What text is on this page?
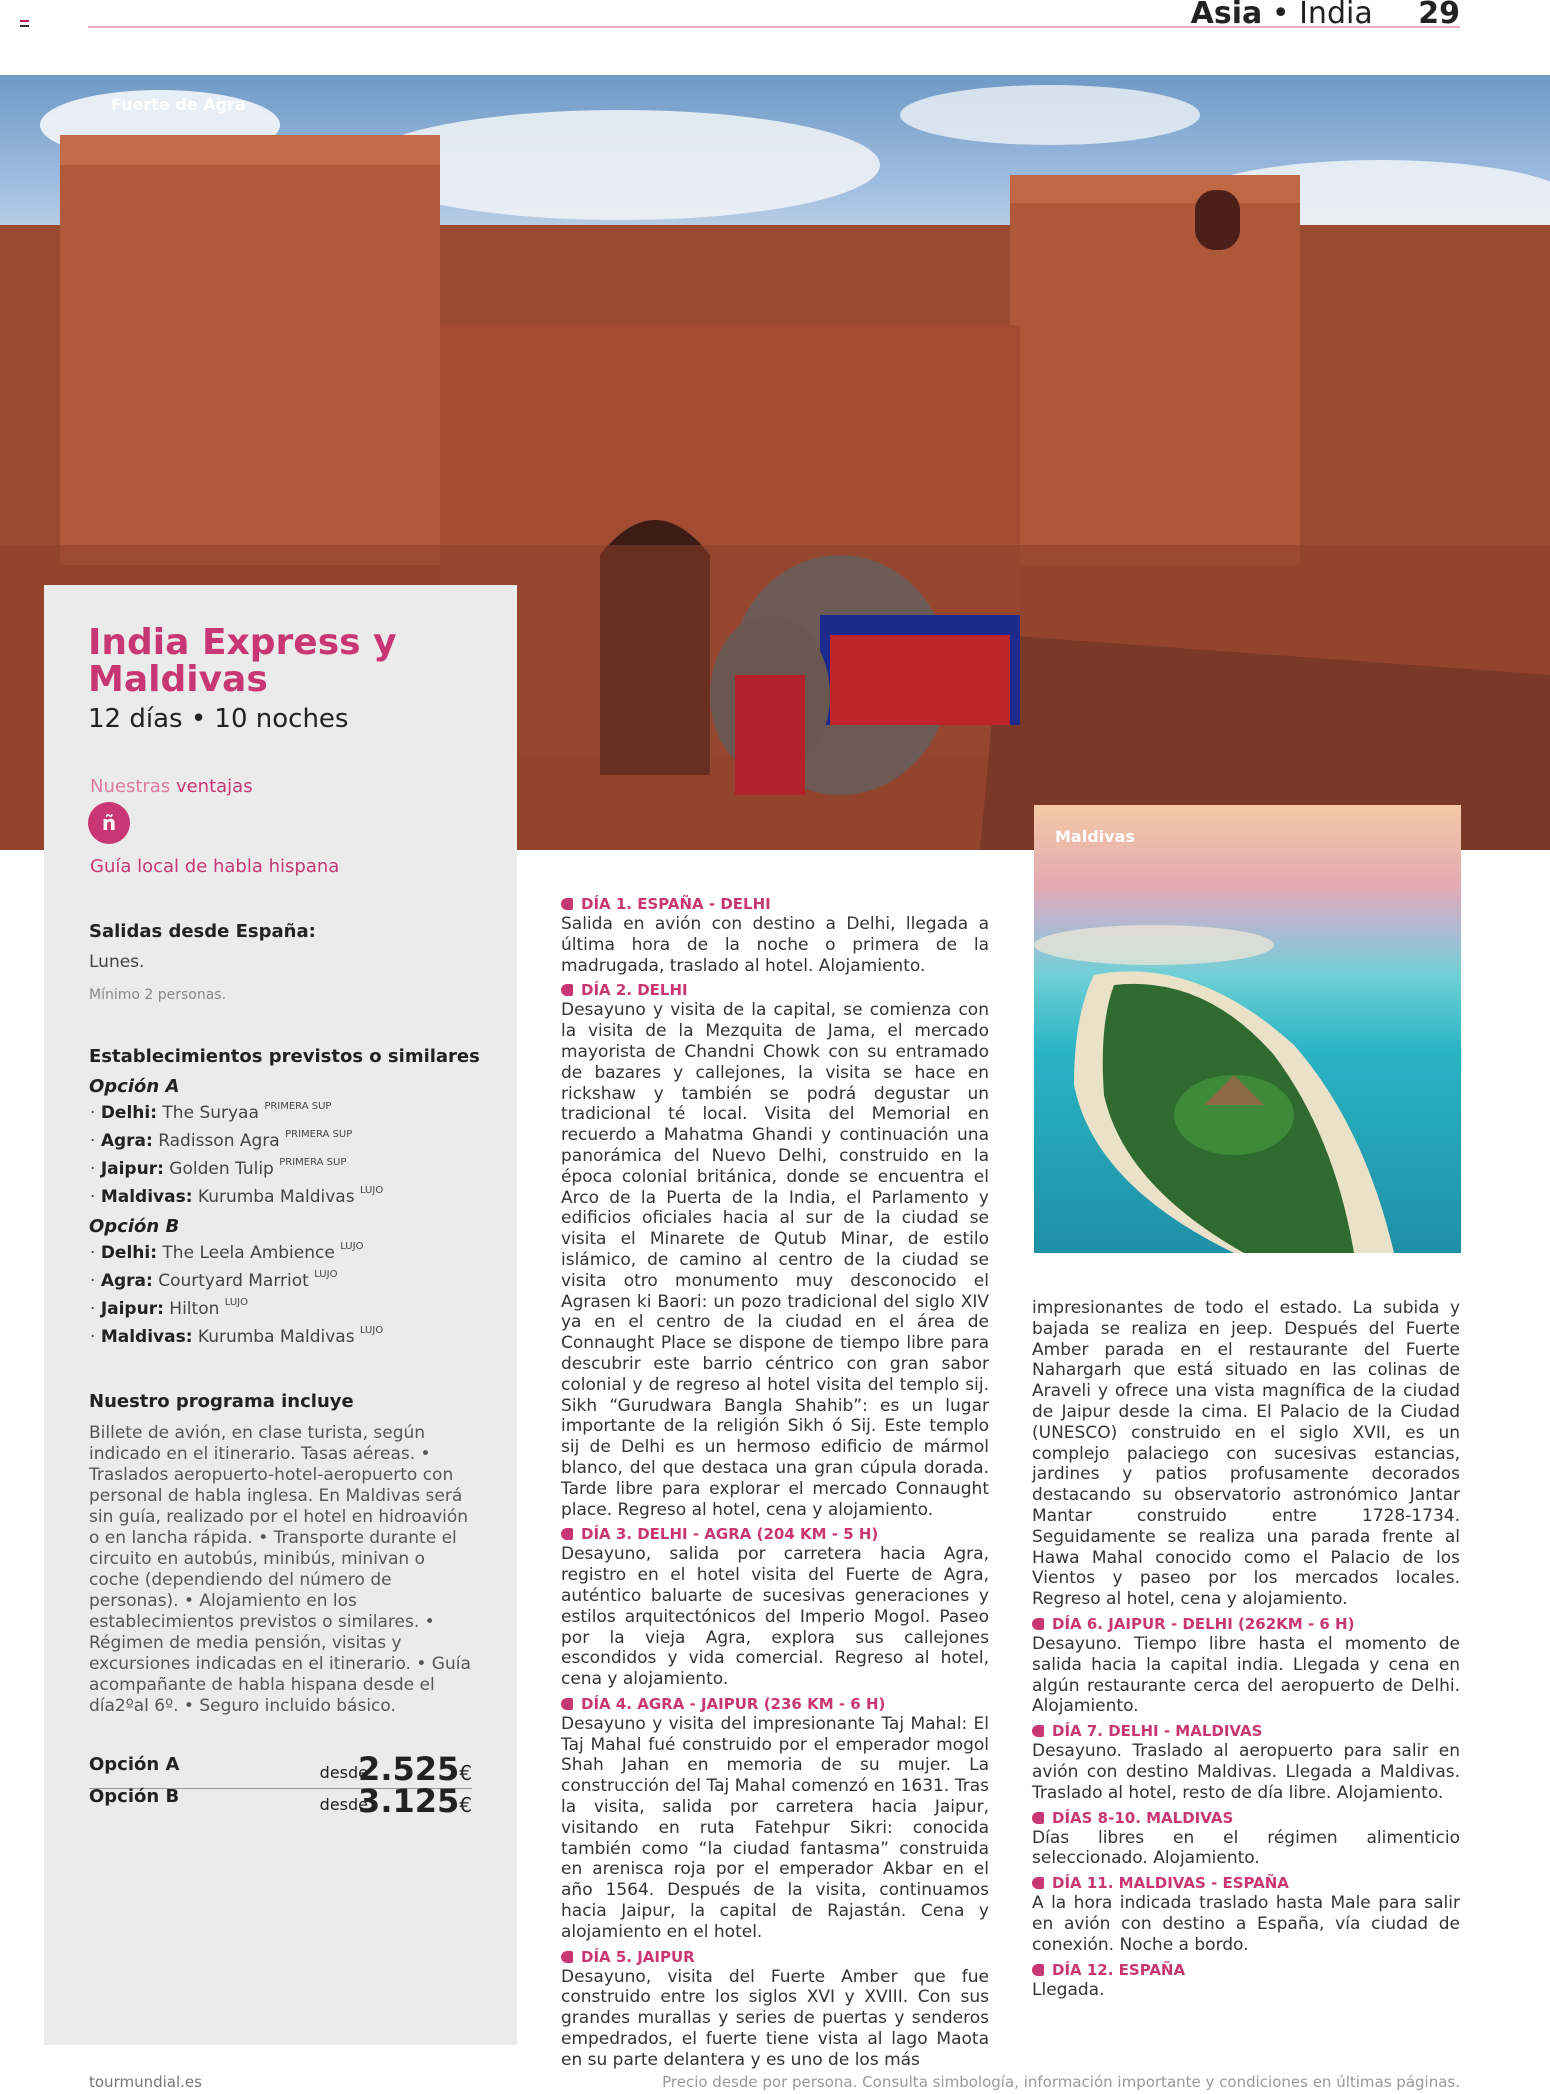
Asia • India 29
Fuerte de Agra
India Express y Maldivas
12 días • 10 noches
Nuestras ventajas
ñ
Guía local de habla hispana
Salidas desde España:
Lunes.
Mínimo 2 personas.
Establecimientos previstos o similares
Opción A
· Delhi: The Suryaa $^{PRIMERA SUP}$
· Agra: Radisson Agra $^{PRIMERA SUP}$
· Jaipur: Golden Tulip $^{PRIMERA SUP}$
· Maldivas: Kurumba Maldivas $^{LUJO}$
Opción B
· Delhi: The Leela Ambience $^{LUJO}$
· Agra: Courtyard Marriot $^{LUJO}$
· Jaipur: Hilton $^{LUJO}$
· Maldivas: Kurumba Maldivas $^{LUJO}$
Nuestro programa incluye
Billete de avión, en clase turista, según indicado en el itinerario. Tasas aéreas. • Traslados aeropuerto-hotel-aeropuerto con personal de habla inglesa. En Maldivas será sin guía, realizado por el hotel en hidroavión o en lancha rápida. • Transporte durante el circuito en autobús, minibús, minivan o coche (dependiendo del número de personas). • Alojamiento en los establecimientos previstos o similares. • Régimen de media pensión, visitas y excursiones indicadas en el itinerario. • Guía acompañante de habla hispana desde el día2ºal 6º. • Seguro incluido básico.
Opción A	desde
2.525€
Opción B	desde
3.125€
DÍA 1. ESPAÑA - DELHI
Salida en avión con destino a Delhi, llegada a última hora de la noche o primera de la madrugada, traslado al hotel. Alojamiento.
DÍA 2. DELHI
Desayuno y visita de la capital, se comienza con la visita de la Mezquita de Jama, el mercado mayorista de Chandni Chowk con su entramado de bazares y callejones, la visita se hace en rickshaw y también se podrá degustar un tradicional té local. Visita del Memorial en recuerdo a Mahatma Ghandi y continuación una panorámica del Nuevo Delhi, construido en la época colonial británica, donde se encuentra el Arco de la Puerta de la India, el Parlamento y edificios oficiales hacia al sur de la ciudad se visita el Minarete de Qutub Minar, de estilo islámico, de camino al centro de la ciudad se visita otro monumento muy desconocido el Agrasen ki Baori: un pozo tradicional del siglo XIV ya en el centro de la ciudad en el área de Connaught Place se dispone de tiempo libre para descubrir este barrio céntrico con gran sabor colonial y de regreso al hotel visita del templo sij. Sikh “Gurudwara Bangla Shahib”: es un lugar importante de la religión Sikh ó Sij. Este templo sij de Delhi es un hermoso edificio de mármol blanco, del que destaca una gran cúpula dorada. Tarde libre para explorar el mercado Connaught place. Regreso al hotel, cena y alojamiento.
DÍA 3. DELHI - AGRA (204 KM - 5 H)
Desayuno, salida por carretera hacia Agra, registro en el hotel visita del Fuerte de Agra, auténtico baluarte de sucesivas generaciones y estilos arquitectónicos del Imperio Mogol. Paseo por la vieja Agra, explora sus callejones escondidos y vida comercial. Regreso al hotel, cena y alojamiento.
DÍA 4. AGRA - JAIPUR (236 KM - 6 H)
Desayuno y visita del impresionante Taj Mahal: El Taj Mahal fué construido por el emperador mogol Shah Jahan en memoria de su mujer. La construcción del Taj Mahal comenzó en 1631. Tras la visita, salida por carretera hacia Jaipur, visitando en ruta Fatehpur Sikri: conocida también como “la ciudad fantasma” construida en arenisca roja por el emperador Akbar en el año 1564. Después de la visita, continuamos hacia Jaipur, la capital de Rajastán. Cena y alojamiento en el hotel.
DÍA 5. JAIPUR
Desayuno, visita del Fuerte Amber que fue construido entre los siglos XVI y XVIII. Con sus grandes murallas y series de puertas y senderos empedrados, el fuerte tiene vista al lago Maota en su parte delantera y es uno de los más
Maldivas
impresionantes de todo el estado. La subida y bajada se realiza en jeep. Después del Fuerte Amber parada en el restaurante del Fuerte Nahargarh que está situado en las colinas de Araveli y ofrece una vista magnífica de la ciudad de Jaipur desde la cima. El Palacio de la Ciudad (UNESCO) construido en el siglo XVII, es un complejo palaciego con sucesivas estancias, jardines y patios profusamente decorados destacando su observatorio astronómico Jantar Mantar construido entre 1728-1734. Seguidamente se realiza una parada frente al Hawa Mahal conocido como el Palacio de los Vientos y paseo por los mercados locales. Regreso al hotel, cena y alojamiento.
DÍA 6. JAIPUR - DELHI (262KM - 6 H)
Desayuno. Tiempo libre hasta el momento de salida hacia la capital india. Llegada y cena en algún restaurante cerca del aeropuerto de Delhi. Alojamiento.
DÍA 7. DELHI - MALDIVAS
Desayuno. Traslado al aeropuerto para salir en avión con destino Maldivas. Llegada a Maldivas. Traslado al hotel, resto de día libre. Alojamiento.
DÍAS 8-10. MALDIVAS
Días libres en el régimen alimenticio seleccionado. Alojamiento.
DÍA 11. MALDIVAS - ESPAÑA
A la hora indicada traslado hasta Male para salir en avión con destino a España, vía ciudad de conexión. Noche a bordo.
DÍA 12. ESPAÑA
Llegada.
tourmundial.es	Precio desde por persona. Consulta simbología, información importante y condiciones en últimas páginas.
